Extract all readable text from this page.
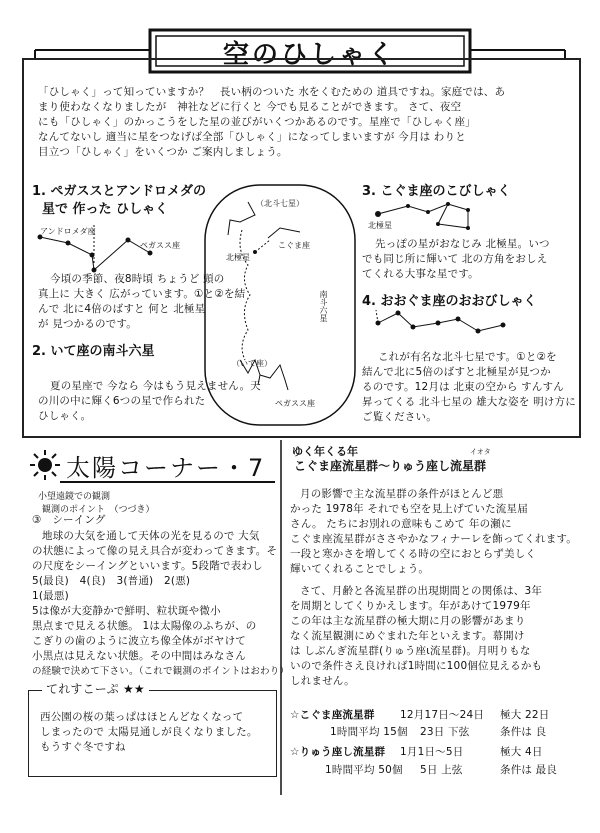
空のひしゃく
「ひしゃく」って知っていますか？　長い柄のついた 水をくむための 道具ですね。家庭では、あ
まり使わなくなりましたが　神社などに行くと 今でも見ることができます。 さて、夜空
にも「ひしゃく」のかっこうをした星の並びがいくつかあるのです。星座で「ひしゃく座」
なんてないし 適当に星をつなげば全部「ひしゃく」になってしまいますが 今月は わりと
目立つ「ひしゃく」をいくつか ご案内しましょう。
1. ペガススとアンドロメダの
星で 作った ひしゃく
アンドロメダ座
ペガスス座
今頃の季節、夜8時頃 ちょうど 頭の
真上に 大きく 広がっています。①と②を結
んで 北に4倍のばすと 何と 北極星
が 見つかるのです。
2. いて座の南斗六星
夏の星座で 今なら 今はもう見えません。天
の川の中に輝く6つの星で作られた
ひしゃく。
（北斗七星）
こぐま座
北極星
南斗六星
（いて座）
ペガスス座
3. こぐま座のこびしゃく
北極星
先っぽの星がおなじみ 北極星。いつ
でも同じ所に輝いて 北の方角をおしえ
てくれる大事な星です。
4. おおぐま座のおおびしゃく
これが有名な北斗七星です。①と②を
結んで北に5倍のばすと北極星が見つか
るのです。12月は 北東の空から すんすん
昇ってくる 北斗七星の 雄大な姿を 明け方に
ご覧ください。
太陽コーナー・7
小望遠鏡での観測
観測のポイント　（つづき）
③　シーイング
地球の大気を通して天体の光を見るので 大気
の状態によって像の見え具合が変わってきます。そ
の尺度をシーイングといいます。5段階で表わし
5(最良)　4(良)　3(普通)　2(悪)
1(最悪)
5は像が大変静かで鮮明、粒状斑や微小
黒点まで見える状態。 1は太陽像のふちが、の
こぎりの歯のように波立ち像全体がボヤけて
小黒点は見えない状態。その中間はみなさん
の経験で決めて下さい。（これで観測のポイントはおわり）
てれすこーぷ ★★
西公園の桜の葉っぱはほとんどなくなって
しまったので 太陽見通しが良くなりました。
もうすぐ冬ですね
ゆく年くる年	イオタ
こぐま座流星群〜りゅう座し流星群
月の影響で主な流星群の条件がほとんど悪
かった 1978年 それでも空を見上げていた流星届
さん。 たちにお別れの意味もこめて 年の瀬に
こぐま座流星群がささやかなフィナーレを飾ってくれます。
一段と寒かさを増してくる時の空におとらず美しく
輝いてくれることでしょう。
さて、月齢と各流星群の出現期間との関係は、3年
を周期としてくりかえします。年があけて1979年
この年は主な流星群の極大期に月の影響があまり
なく流星観測にめぐまれた年といえます。幕開け
は しぶんぎ流星群(りゅう座ι流星群)。月明りもな
いので条件さえ良ければ1時間に100個位見えるかも
しれません。
☆こぐま座流星群 12月17日〜24日 極大 22日
1時間平均 15個 23日 下弦	条件は 良
☆りゅう座し流星群 1月1日〜5日	極大 4日
1時間平均 50個 5日 上弦	条件は 最良
